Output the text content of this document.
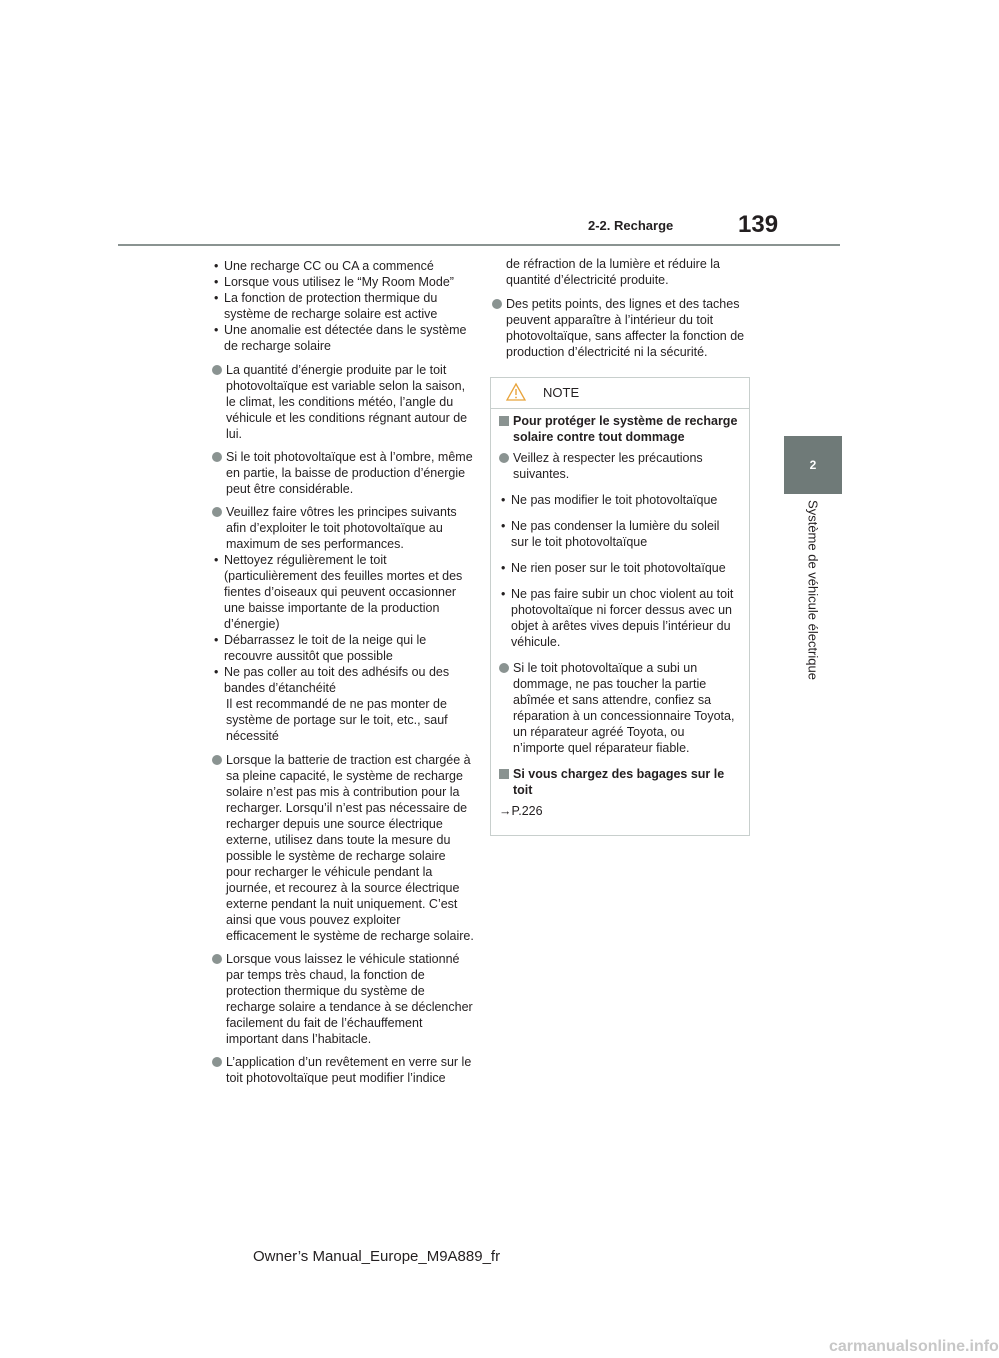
2-2. Recharge	139
2
Système de véhicule électrique
• Une recharge CC ou CA a commencé
• Lorsque vous utilisez le “My Room Mode”
• La fonction de protection thermique du système de recharge solaire est active
• Une anomalie est détectée dans le système de recharge solaire
La quantité d’énergie produite par le toit photovoltaïque est variable selon la saison, le climat, les conditions météo, l’angle du véhicule et les conditions régnant autour de lui.
Si le toit photovoltaïque est à l’ombre, même en partie, la baisse de production d’énergie peut être considérable.
Veuillez faire vôtres les principes suivants afin d’exploiter le toit photovoltaïque au maximum de ses performances.
• Nettoyez régulièrement le toit (particulièrement des feuilles mortes et des fientes d’oiseaux qui peuvent occasionner une baisse importante de la production d’énergie)
• Débarrassez le toit de la neige qui le recouvre aussitôt que possible
• Ne pas coller au toit des adhésifs ou des bandes d’étanchéité
Il est recommandé de ne pas monter de système de portage sur le toit, etc., sauf nécessité
Lorsque la batterie de traction est chargée à sa pleine capacité, le système de recharge solaire n’est pas mis à contribution pour la recharger. Lorsqu’il n’est pas nécessaire de recharger depuis une source électrique externe, utilisez dans toute la mesure du possible le système de recharge solaire pour recharger le véhicule pendant la journée, et recourez à la source électrique externe pendant la nuit uniquement. C’est ainsi que vous pouvez exploiter efficacement le système de recharge solaire.
Lorsque vous laissez le véhicule stationné par temps très chaud, la fonction de protection thermique du système de recharge solaire a tendance à se déclencher facilement du fait de l’échauffement important dans l’habitacle.
L’application d’un revêtement en verre sur le toit photovoltaïque peut modifier l’indice
de réfraction de la lumière et réduire la quantité d’électricité produite.
Des petits points, des lignes et des taches peuvent apparaître à l’intérieur du toit photovoltaïque, sans affecter la fonction de production d’électricité ni la sécurité.
NOTE
Pour protéger le système de recharge solaire contre tout dommage
Veillez à respecter les précautions suivantes.
• Ne pas modifier le toit photovoltaïque
• Ne pas condenser la lumière du soleil sur le toit photovoltaïque
• Ne rien poser sur le toit photovoltaïque
• Ne pas faire subir un choc violent au toit photovoltaïque ni forcer dessus avec un objet à arêtes vives depuis l’intérieur du véhicule.
Si le toit photovoltaïque a subi un dommage, ne pas toucher la partie abîmée et sans attendre, confiez sa réparation à un concessionnaire Toyota, un réparateur agréé Toyota, ou n’importe quel réparateur fiable.
Si vous chargez des bagages sur le toit
→P.226
Owner’s Manual_Europe_M9A889_fr
carmanualsonline.info
